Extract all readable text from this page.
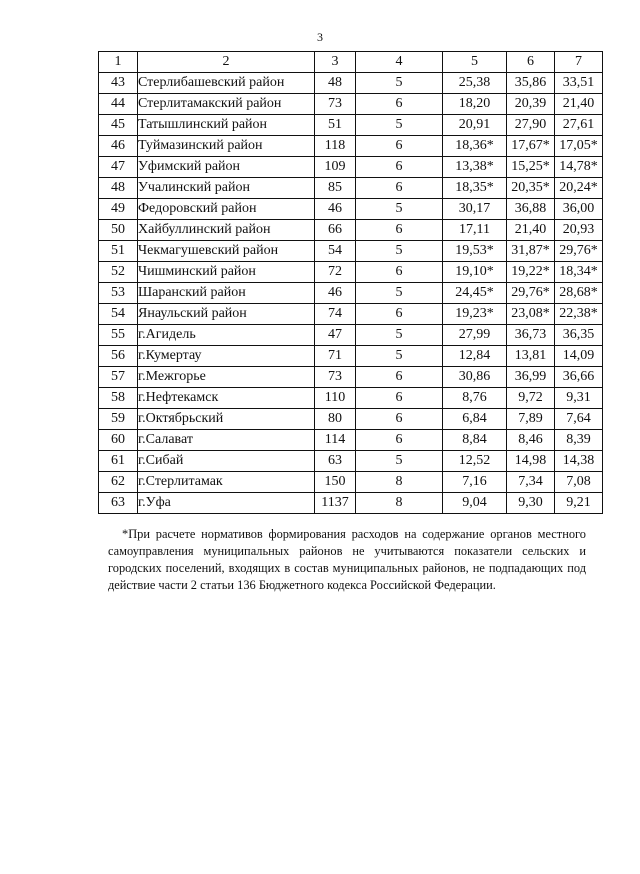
3
1	2	3	4	5	6	7
43	Стерлибашевский район	48	5	25,38	35,86	33,51
44	Стерлитамакский район	73	6	18,20	20,39	21,40
45	Татышлинский район	51	5	20,91	27,90	27,61
46	Туймазинский район	118	6	18,36*	17,67*	17,05*
47	Уфимский район	109	6	13,38*	15,25*	14,78*
48	Учалинский район	85	6	18,35*	20,35*	20,24*
49	Федоровский район	46	5	30,17	36,88	36,00
50	Хайбуллинский район	66	6	17,11	21,40	20,93
51	Чекмагушевский район	54	5	19,53*	31,87*	29,76*
52	Чишминский район	72	6	19,10*	19,22*	18,34*
53	Шаранский район	46	5	24,45*	29,76*	28,68*
54	Янаульский район	74	6	19,23*	23,08*	22,38*
55	г.Агидель	47	5	27,99	36,73	36,35
56	г.Кумертау	71	5	12,84	13,81	14,09
57	г.Межгорье	73	6	30,86	36,99	36,66
58	г.Нефтекамск	110	6	8,76	9,72	9,31
59	г.Октябрьский	80	6	6,84	7,89	7,64
60	г.Салават	114	6	8,84	8,46	8,39
61	г.Сибай	63	5	12,52	14,98	14,38
62	г.Стерлитамак	150	8	7,16	7,34	7,08
63	г.Уфа	1137	8	9,04	9,30	9,21
*При расчете нормативов формирования расходов на содержание органов местного самоуправления муниципальных районов не учитываются показатели сельских и городских поселений, входящих в состав муниципальных районов, не подпадающих под действие части 2 статьи 136 Бюджетного кодекса Российской Федерации.
